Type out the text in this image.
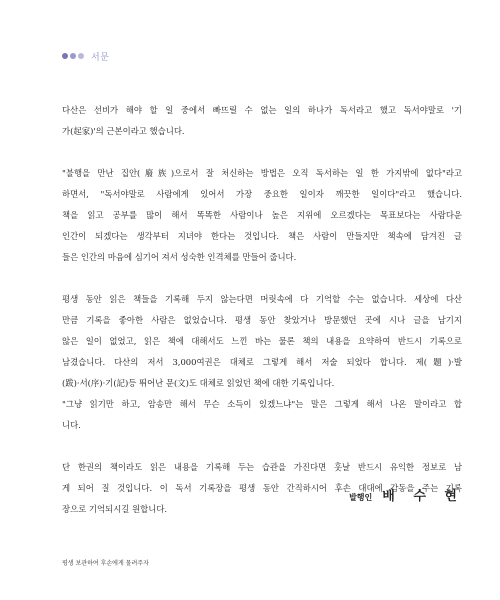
서문
다산은 선비가 해야 할 일 중에서 빠뜨릴 수 없는 일의 하나가 독서라고 했고 독서야말로 '기
가(起家)'의 근본이라고 했습니다.
"불행을 만난 집안(廢族)으로서 잘 처신하는 방법은 오직 독서하는 일 한 가지밖에 없다"라고
하면서, "독서야말로 사람에게 있어서 가장 중요한 일이자 깨끗한 일이다"라고 했습니다.
책을 읽고 공부를 많이 해서 똑똑한 사람이나 높은 지위에 오르겠다는 목표보다는 사람다운
인간이 되겠다는 생각부터 지녀야 한다는 것입니다. 책은 사람이 만들지만 책속에 담겨진 글
들은 인간의 마음에 심기어 져서 성숙한 인격체를 만들어 줍니다.
평생 동안 읽은 책들을 기록해 두지 않는다면 머릿속에 다 기억할 수는 없습니다. 세상에 다산
만큼 기록을 좋아한 사람은 없었습니다. 평생 동안 찾았거나 방문했던 곳에 시나 글을 남기지
않은 일이 없었고, 읽은 책에 대해서도 느낀 바는 물론 책의 내용을 요약하여 반드시 기록으로
남겼습니다. 다산의 저서 3,000여권은 대체로 그렇게 해서 저술 되었다 합니다. 제(題)·발
(跋)·서(序)·기(記)등 뛰어난 문(文)도 대체로 읽었던 책에 대한 기록입니다.
"그냥 읽기만 하고, 암송만 해서 무슨 소득이 있겠느냐"는 말은 그렇게 해서 나온 말이라고 합
니다.
단 한권의 책이라도 읽은 내용을 기록해 두는 습관을 가진다면 훗날 반드시 유익한 정보로 남
게 되어 질 것입니다. 이 독서 기록장을 평생 동안 간직하시어 후손 대대에 감동을 주는 기록
장으로 기억되시길 원합니다.
발행인 배 수 현
평생 보관하여 후손에게 물려주자
